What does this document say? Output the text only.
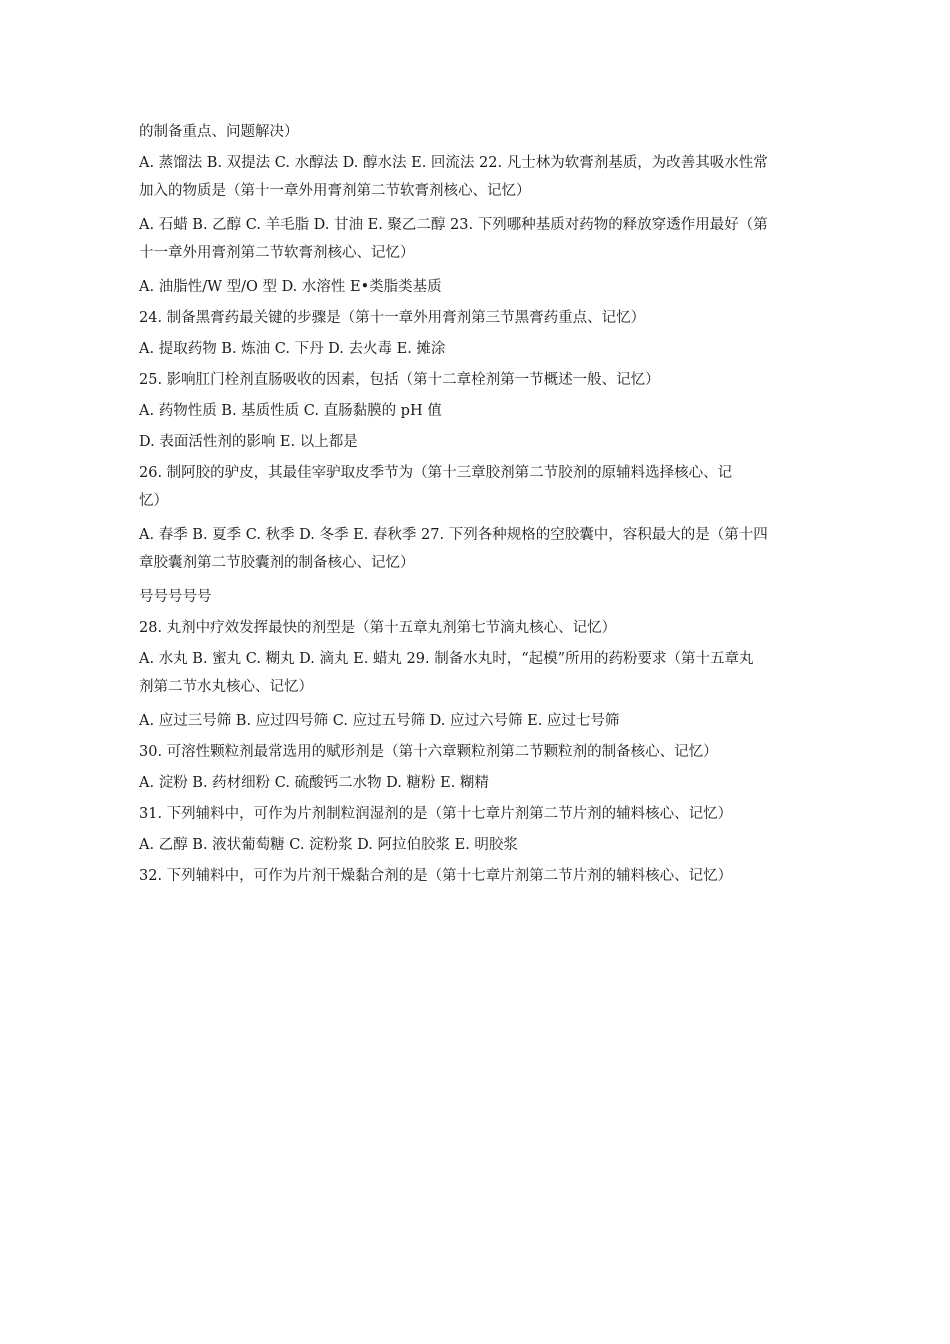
的制备重点、问题解决）
A. 蒸馏法 B. 双提法 C. 水醇法 D. 醇水法 E. 回流法 22. 凡士林为软膏剂基质，为改善其吸水性常
加入的物质是（第十一章外用膏剂第二节软膏剂核心、记忆）
A. 石蜡 B. 乙醇 C. 羊毛脂 D. 甘油 E. 聚乙二醇 23. 下列哪种基质对药物的释放穿透作用最好（第
十一章外用膏剂第二节软膏剂核心、记忆）
A. 油脂性/W 型/O 型 D. 水溶性 E•类脂类基质
24. 制备黑膏药最关键的步骤是（第十一章外用膏剂第三节黑膏药重点、记忆）
A. 提取药物 B. 炼油 C. 下丹 D. 去火毒 E. 摊涂
25. 影响肛门栓剂直肠吸收的因素，包括（第十二章栓剂第一节概述一般、记忆）
A. 药物性质 B. 基质性质 C. 直肠黏膜的 pH 值
D. 表面活性剂的影响 E. 以上都是
26. 制阿胶的驴皮，其最佳宰驴取皮季节为（第十三章胶剂第二节胶剂的原辅料选择核心、记
忆）
A. 春季 B. 夏季 C. 秋季 D. 冬季 E. 春秋季 27. 下列各种规格的空胶囊中，容积最大的是（第十四
章胶囊剂第二节胶囊剂的制备核心、记忆）
号号号号号
28. 丸剂中疗效发挥最快的剂型是（第十五章丸剂第七节滴丸核心、记忆）
A. 水丸 B. 蜜丸 C. 糊丸 D. 滴丸 E. 蜡丸 29. 制备水丸时，“起模”所用的药粉要求（第十五章丸
剂第二节水丸核心、记忆）
A. 应过三号筛 B. 应过四号筛 C. 应过五号筛 D. 应过六号筛 E. 应过七号筛
30. 可溶性颗粒剂最常选用的赋形剂是（第十六章颗粒剂第二节颗粒剂的制备核心、记忆）
A. 淀粉 B. 药材细粉 C. 硫酸钙二水物 D. 糖粉 E. 糊精
31. 下列辅料中，可作为片剂制粒润湿剂的是（第十七章片剂第二节片剂的辅料核心、记忆）
A. 乙醇 B. 液状葡萄糖 C. 淀粉浆 D. 阿拉伯胶浆 E. 明胶浆
32. 下列辅料中，可作为片剂干燥黏合剂的是（第十七章片剂第二节片剂的辅料核心、记忆）
